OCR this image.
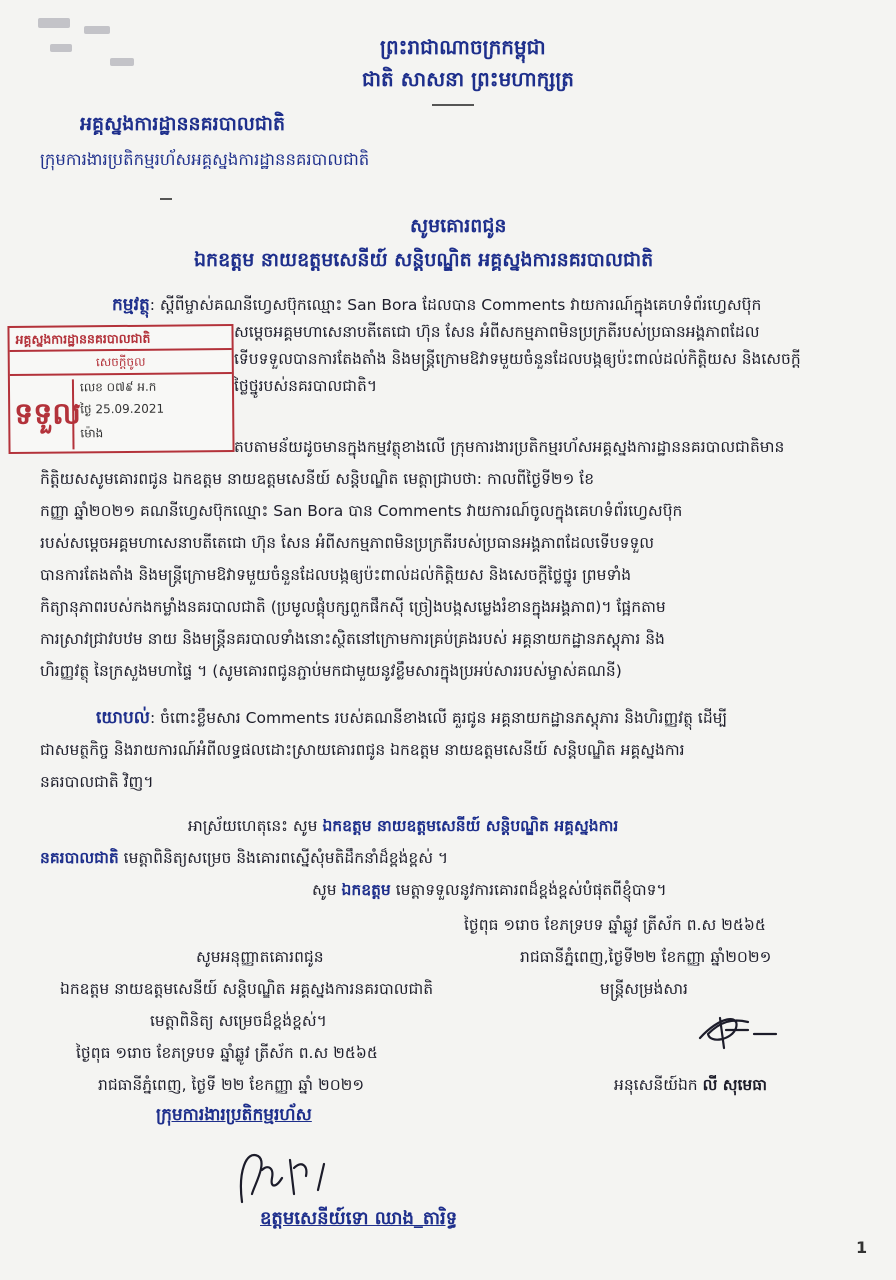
ព្រះរាជាណាចក្រកម្ពុជា
ជាតិ សាសនា ព្រះមហាក្សត្រ
អគ្គស្នងការដ្ឋាននគរបាលជាតិ
ក្រុមការងារប្រតិកម្មរហ័សអគ្គស្នងការដ្ឋាននគរបាលជាតិ
សូមគោរពជូន
ឯកឧត្តម នាយឧត្តមសេនីយ៍ សន្តិបណ្ឌិត អគ្គស្នងការនគរបាលជាតិ
កម្មវត្ថុ: ស្តីពីម្ចាស់គណនីហ្វេសប៊ុកឈ្មោះ San Bora ដែលបាន Comments វាយការណ៍ក្នុងគេហទំព័រហ្វេសប៊ុក
សម្តេចអគ្គមហាសេនាបតីតេជោ ហ៊ុន សែន អំពីសកម្មភាពមិនប្រក្រតីរបស់ប្រធានអង្គភាពដែល
ទើបទទួលបានការតែងតាំង និងមន្ត្រីក្រោមឱវាទមួយចំនួនដែលបង្កឲ្យប៉ះពាល់ដល់កិត្តិយស និងសេចក្តី
ថ្លៃថ្នូរបស់នគរបាលជាតិ។
អគ្គស្នងការដ្ឋាននគរបាលជាតិ
សេចក្តីចូល
ទទួល
លេខ ០៧៩ អ.ក
ថ្ងៃ 25.09.2021
ម៉ោង
តបតាមន័យដូចមានក្នុងកម្មវត្ថុខាងលើ ក្រុមការងារប្រតិកម្មរហ័សអគ្គស្នងការដ្ឋាននគរបាលជាតិមាន
កិត្តិយសសូមគោរពជូន ឯកឧត្តម នាយឧត្តមសេនីយ៍ សន្តិបណ្ឌិត មេត្តាជ្រាបថា: កាលពីថ្ងៃទី២១ ខែ
កញ្ញា ឆ្នាំ២០២១ គណនីហ្វេសប៊ុកឈ្មោះ San Bora បាន Comments វាយការណ៍ចូលក្នុងគេហទំព័រហ្វេសប៊ុក
របស់សម្តេចអគ្គមហាសេនាបតីតេជោ ហ៊ុន សែន អំពីសកម្មភាពមិនប្រក្រតីរបស់ប្រធានអង្គភាពដែលទើបទទួល
បានការតែងតាំង និងមន្ត្រីក្រោមឱវាទមួយចំនួនដែលបង្កឲ្យប៉ះពាល់ដល់កិត្តិយស និងសេចក្តីថ្លៃថ្នូរ ព្រមទាំង
កិត្យានុភាពរបស់កងកម្លាំងនគរបាលជាតិ (ប្រមូលផ្តុំបក្សពួកផឹកស៊ី ច្រៀងបង្កសម្លេងរំខានក្នុងអង្គភាព)។ ផ្អែកតាម
ការស្រាវជ្រាវបឋម នាយ និងមន្ត្រីនគរបាលទាំងនោះស្ថិតនៅក្រោមការគ្រប់គ្រងរបស់ អគ្គនាយកដ្ឋានភស្តុភារ និង
ហិរញ្ញវត្ថុ នៃក្រសួងមហាផ្ទៃ ។ (សូមគោរពជូនភ្ជាប់មកជាមួយនូវខ្លឹមសារក្នុងប្រអប់សាររបស់ម្ចាស់គណនី)
យោបល់: ចំពោះខ្លឹមសារ Comments របស់គណនីខាងលើ គួរជូន អគ្គនាយកដ្ឋានភស្តុភារ និងហិរញ្ញវត្ថុ ដើម្បី
ជាសមត្ថកិច្ច និងរាយការណ៍អំពីលទ្ធផលដោះស្រាយគោរពជូន ឯកឧត្តម នាយឧត្តមសេនីយ៍ សន្តិបណ្ឌិត អគ្គស្នងការ
នគរបាលជាតិ វិញ។
អាស្រ័យហេតុនេះ សូម ឯកឧត្តម នាយឧត្តមសេនីយ៍ សន្តិបណ្ឌិត អគ្គស្នងការ
នគរបាលជាតិ មេត្តាពិនិត្យសម្រេច និងគោរពស្នើសុំមតិដឹកនាំដ៏ខ្ពង់ខ្ពស់ ។
សូម ឯកឧត្តម មេត្តាទទួលនូវការគោរពដ៏ខ្ពង់ខ្ពស់បំផុតពីខ្ញុំបាទ។
ថ្ងៃពុធ ១រោច ខែភទ្របទ ឆ្នាំឆ្លូវ ត្រីស័ក ព.ស ២៥៦៥
រាជធានីភ្នំពេញ,ថ្ងៃទី២២ ខែកញ្ញា ឆ្នាំ២០២១
មន្ត្រីសម្រង់សារ
អនុសេនីយ៍ឯក លី សុមេធា
សូមអនុញ្ញាតគោរពជូន
ឯកឧត្តម នាយឧត្តមសេនីយ៍ សន្តិបណ្ឌិត អគ្គស្នងការនគរបាលជាតិ
មេត្តាពិនិត្យ សម្រេចដ៏ខ្ពង់ខ្ពស់។
ថ្ងៃពុធ ១រោច ខែភទ្របទ ឆ្នាំឆ្លូវ ត្រីស័ក ព.ស ២៥៦៥
រាជធានីភ្នំពេញ, ថ្ងៃទី ២២ ខែកញ្ញា ឆ្នាំ ២០២១
ក្រុមការងារប្រតិកម្មរហ័ស
ឧត្តមសេនីយ៍ទោ ឈាង_តារិទ្ធ
1
